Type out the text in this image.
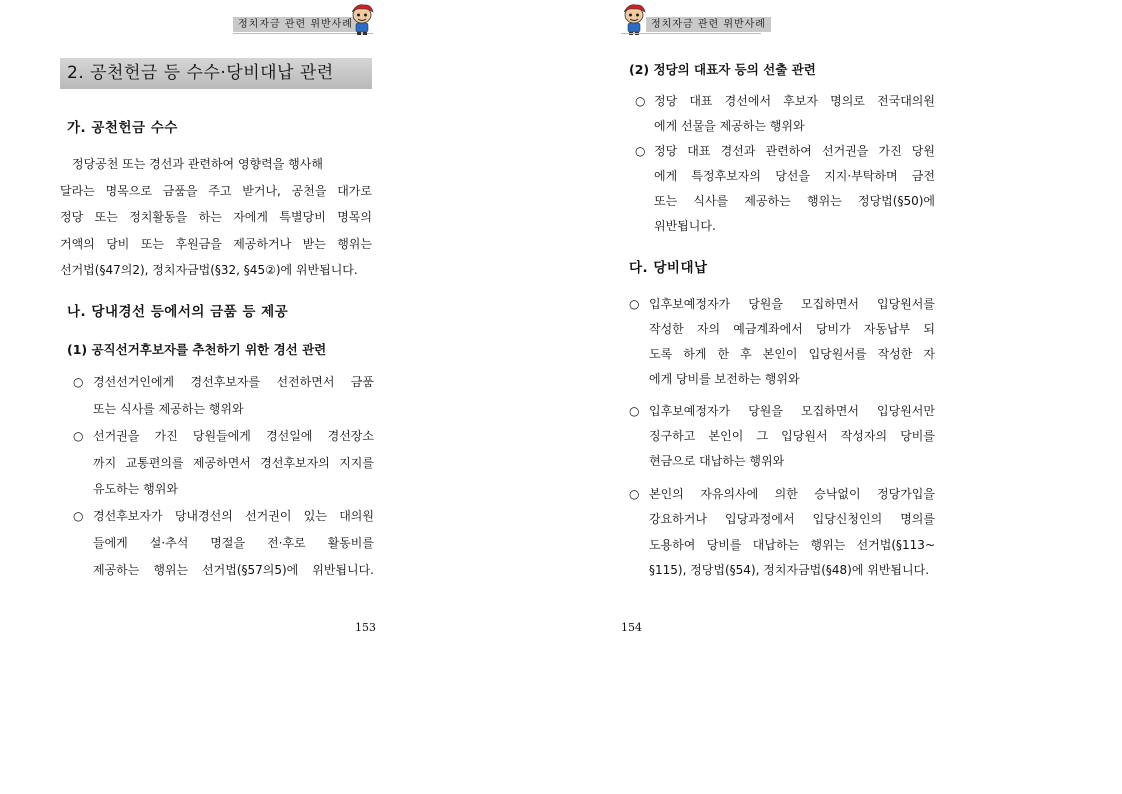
정치자금 관련 위반사례
2. 공천헌금 등 수수·당비대납 관련
가. 공천헌금 수수
정당공천 또는 경선과 관련하여 영향력을 행사해
달라는 명목으로 금품을 주고 받거나, 공천을 대가로
정당 또는 정치활동을 하는 자에게 특별당비 명목의
거액의 당비 또는 후원금을 제공하거나 받는 행위는
선거법(§47의2), 정치자금법(§32, §45②)에 위반됩니다.
나. 당내경선 등에서의 금품 등 제공
(1) 공직선거후보자를 추천하기 위한 경선 관련
○ 경선선거인에게 경선후보자를 선전하면서 금품
또는 식사를 제공하는 행위와
○ 선거권을 가진 당원들에게 경선일에 경선장소
까지 교통편의를 제공하면서 경선후보자의 지지를
유도하는 행위와
○ 경선후보자가 당내경선의 선거권이 있는 대의원
들에게 설·추석 명절을 전·후로 활동비를
제공하는 행위는 선거법(§57의5)에 위반됩니다.
153
정치자금 관련 위반사례
(2) 정당의 대표자 등의 선출 관련
○ 정당 대표 경선에서 후보자 명의로 전국대의원
에게 선물을 제공하는 행위와
○ 정당 대표 경선과 관련하여 선거권을 가진 당원
에게 특정후보자의 당선을 지지·부탁하며 금전
또는 식사를 제공하는 행위는 정당법(§50)에
위반됩니다.
다. 당비대납
○ 입후보예정자가 당원을 모집하면서 입당원서를
작성한 자의 예금계좌에서 당비가 자동납부 되
도록 하게 한 후 본인이 입당원서를 작성한 자
에게 당비를 보전하는 행위와
○ 입후보예정자가 당원을 모집하면서 입당원서만
징구하고 본인이 그 입당원서 작성자의 당비를
현금으로 대납하는 행위와
○ 본인의 자유의사에 의한 승낙없이 정당가입을
강요하거나 입당과정에서 입당신청인의 명의를
도용하여 당비를 대납하는 행위는 선거법(§113~
§115), 정당법(§54), 정치자금법(§48)에 위반됩니다.
154
